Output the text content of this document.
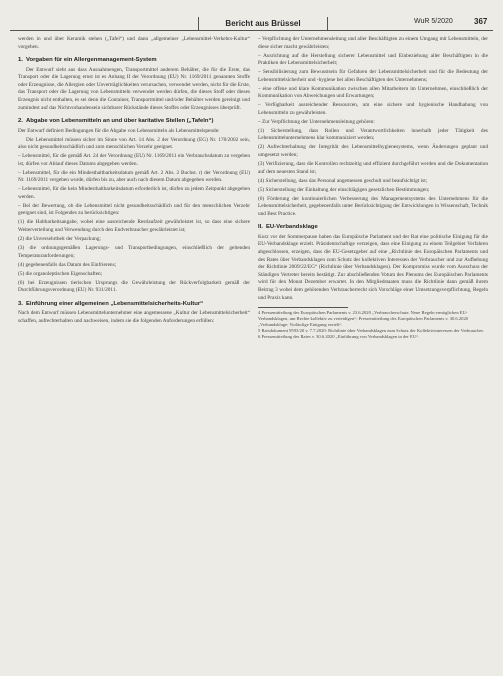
Bericht aus Brüssel	WuR 5/2020	367

werden in und über Keramik stehen („Tafel“) und dann „allgemeiner „Lebensmittel-Verkehrs-Kultur“ vorgehen.

1. Vorgaben für ein Allergenmanagement-System

Der Entwurf sieht aus dass Ausnahmengen, Transportmittel anderem Behälter, die für die Erste, das Transport oder die Lagerung ernst ist es Anhang II der Verordnung (EU) Nr. 1169/2011 genannten Stoffe oder Erzeugnisse, die Allergien oder Unverträglichkeiten verursachen, verwendet werden, nicht für die Erste, das Transport oder die Lagerung von Lebensmitteln verwendet werden dürfen, die dieses Stoff oder dieses Erzeugnis nicht enthalten, es sei denn die Container, Transportmittel und/oder Behälter werden gereinigt und zumindest auf das Nichtvorhandensein sichtbarer Rückstände dieses Stoffes oder Erzeugnisses überprüft.

2. Abgabe von Lebensmitteln an und über karitative Stellen („Tafeln“)

Der Entwurf definiert Bedingungen für die Abgabe von Lebensmitteln als Lebensmittelspende:

Die Lebensmittel müssen sicher im Sinne von Art. 14 Abs. 2 der Verordnung (EG) Nr. 178/2002 sein, also nicht gesundheitsschädlich und zum menschlichen Verzehr geeignet.

– Lebensmittel, für die gemäß Art. 24 der Verordnung (EU) Nr. 1169/2011 ein Verbrauchsdatum zu vergeben ist, dürfen vor Ablauf dieses Datums abgegeben werden.

– Lebensmittel, für die ein Mindesthaltbarkeitsdatum gemäß Art. 2 Abs. 2 Buchst. r) der Verordnung (EU) Nr. 1169/2011 vergeben wurde, dürfen bis zu, aber auch nach diesem Datum abgegeben werden.

– Lebensmittel, für die kein Mindesthaltbarkeitsdatum erforderlich ist, dürfen zu jedem Zeitpunkt abgegeben werden.

– Bei der Bewertung, ob die Lebensmittel nicht gesundheitsschädlich und für den menschlichen Verzehr geeignet sind, ist Folgendes zu berücksichtigen:

(1) die Haltbarkeitsangabe, wobei eine ausreichende Restlaufzeit gewährleistet ist, so dass eine sichere Weiterverteilung und Verwendung durch den Endverbraucher gewährleistet ist;

(2) die Unversehrtheit der Verpackung;

(3) die ordnungsgemäßen Lagerungs- und Transportbedingungen, einschließlich der geltenden Temperaturanforderungen;

(4) gegebenenfalls das Datum des Einfrierens;

(5) die organoleptischen Eigenschaften;

(6) bei Erzeugnissen tierischen Ursprungs die Gewährleistung der Rückverfolgbarkeit gemäß der Durchführungsverordnung (EU) Nr. 931/2011.

3. Einführung einer allgemeinen „Lebensmittelsicherheits-Kultur“

Nach dem Entwurf müssen Lebensmittelunternehmer eine angemessene „Kultur der Lebensmittelsicherheit“ schaffen, aufrechterhalten und nachweisen, indem sie die folgenden Anforderungen erfüllen:

– Verpflichtung der Unternehmensleitung und aller Beschäftigten zu einem Umgang mit Lebensmitteln, der diese sicher macht gewährleisten;

– Ausrichtung auf die Herstellung sicherer Lebensmittel und Einbeziehung aller Beschäftigten in die Praktiken der Lebensmittelsicherheit;

– Sensibilisierung zum Bewusstsein für Gefahren der Lebensmittelsicherheit und für die Bedeutung der Lebensmittelsicherheit und -hygiene bei allen Beschäftigten des Unternehmens;

– eine offene und klare Kommunikation zwischen allen Mitarbeitern im Unternehmen, einschließlich der Kommunikation von Abweichungen und Erwartungen;

– Verfügbarkeit ausreichender Ressourcen, um eine sichere und hygienische Handhabung von Lebensmitteln zu gewährleisten.

– Zur Verpflichtung der Unternehmensleitung gehören:

(1) Sicherstellung, dass Rollen und Verantwortlichkeiten innerhalb jeder Tätigkeit des Lebensmittelunternehmens klar kommuniziert werden;

(2) Aufrechterhaltung der Integrität des Lebensmittelhygienesystems, wenn Änderungen geplant und umgesetzt werden;

(3) Verifizierung, dass die Kontrollen rechtzeitig und effizient durchgeführt werden und die Dokumentation auf dem neuesten Stand ist;

(4) Sicherstellung, dass das Personal angemessen geschult und beaufsichtigt ist;

(5) Sicherstellung der Einhaltung der einschlägigen gesetzlichen Bestimmungen;

(6) Förderung der kontinuierlichen Verbesserung des Managementsystems des Unternehmens für die Lebensmittelsicherheit, gegebenenfalls unter Berücksichtigung der Entwicklungen in Wissenschaft, Technik und Best Practice.

II. EU-Verbandsklage

Kurz vor der Sommerpause haben das Europäische Parlament und der Rat eine politische Einigung für die EU-Verbandsklage erzielt. Präsidentschaftige verzeigen, dass eine Einigung zu einem Teilgebiet Verfahren abgeschlossen, erzeigen, dass die EU-Gesetzgeber auf eine „Richtlinie des Europäischen Parlaments und des Rates über Verbandsklagen zum Schutz der kollektiven Interessen der Verbraucher und zur Aufhebung der Richtlinie 2009/22/EG“ (Richtlinie über Verbandsklagen). Der Kompromiss wurde vom Ausschuss der Ständigen Vertreter bereits bestätigt. Zur abschließenden Votum des Plenums des Europäischen Parlaments wird für den Monat Dezember erwartet. In den Mitgliedstaaten muss die Richtlinie dann gemäß ihrem Beitrag 3 wobei dem gehörenden Verbraucherrecht sich Vorschläge einer Umsetzungsverpflichtung, Regeln und Praxis kann.

4 Pressemitteilung des Europäischen Parlaments v. 23.6.2020 „Verbraucherschutz: Neue Regeln ermöglichen EU-Verbandsklagen, um Rechte kollektiv zu verteidigen“; Pressemitteilung des Europäischen Parlaments v. 30.6.2020 „Verbandsklage: Vorläufige Einigung erzielt“.

5 Ratsdokument 9593/20 v. 7.7.2020: Richtlinie über Verbandsklagen zum Schutz der Kollektivinteressen der Verbraucher.

6 Pressemitteilung des Rates v. 30.6.2020 „Einführung von Verbandsklagen in der EU“.
